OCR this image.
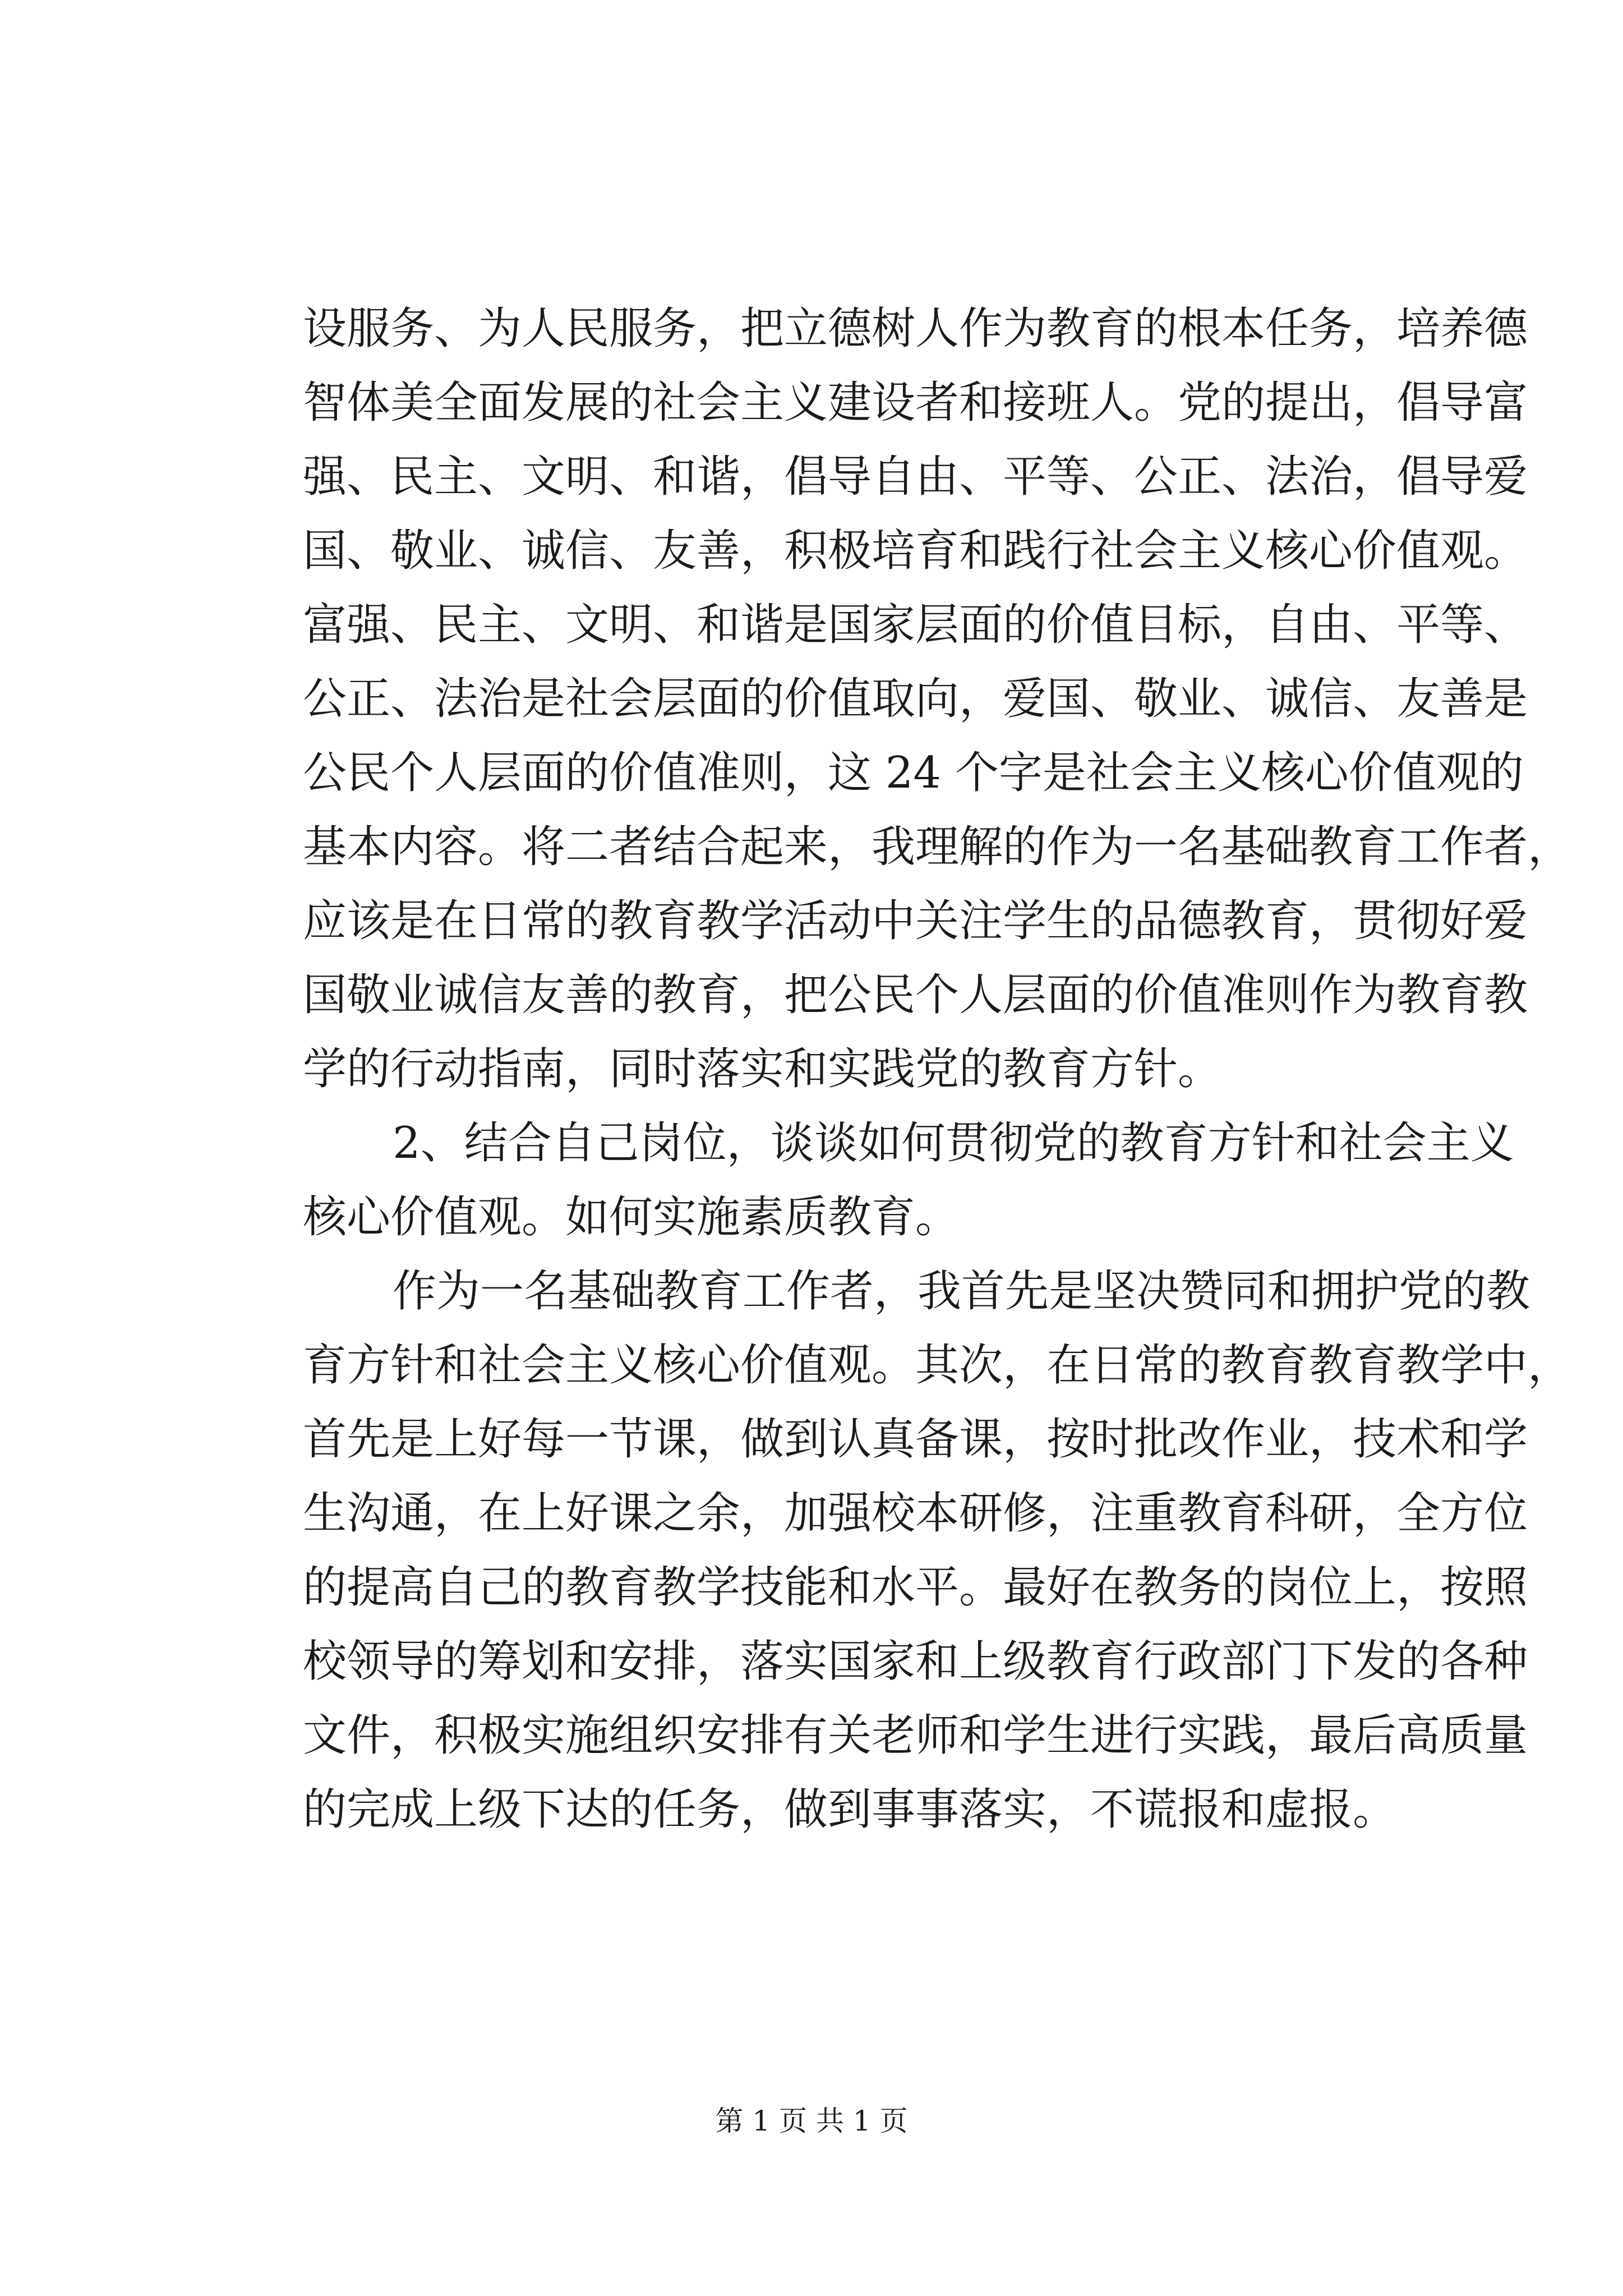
设服务、为人民服务，把立德树人作为教育的根本任务，培养德
智体美全面发展的社会主义建设者和接班人。党的提出，倡导富
强、民主、文明、和谐，倡导自由、平等、公正、法治，倡导爱
国、敬业、诚信、友善，积极培育和践行社会主义核心价值观。
富强、民主、文明、和谐是国家层面的价值目标，自由、平等、
公正、法治是社会层面的价值取向，爱国、敬业、诚信、友善是
公民个人层面的价值准则，这 24 个字是社会主义核心价值观的
基本内容。将二者结合起来，我理解的作为一名基础教育工作者，
应该是在日常的教育教学活动中关注学生的品德教育，贯彻好爱
国敬业诚信友善的教育，把公民个人层面的价值准则作为教育教
学的行动指南，同时落实和实践党的教育方针。
2、结合自己岗位，谈谈如何贯彻党的教育方针和社会主义
核心价值观。如何实施素质教育。
作为一名基础教育工作者，我首先是坚决赞同和拥护党的教
育方针和社会主义核心价值观。其次，在日常的教育教育教学中，
首先是上好每一节课，做到认真备课，按时批改作业，技术和学
生沟通，在上好课之余，加强校本研修，注重教育科研，全方位
的提高自己的教育教学技能和水平。最好在教务的岗位上，按照
校领导的筹划和安排，落实国家和上级教育行政部门下发的各种
文件，积极实施组织安排有关老师和学生进行实践，最后高质量
的完成上级下达的任务，做到事事落实，不谎报和虚报。
第 1 页 共 1 页
